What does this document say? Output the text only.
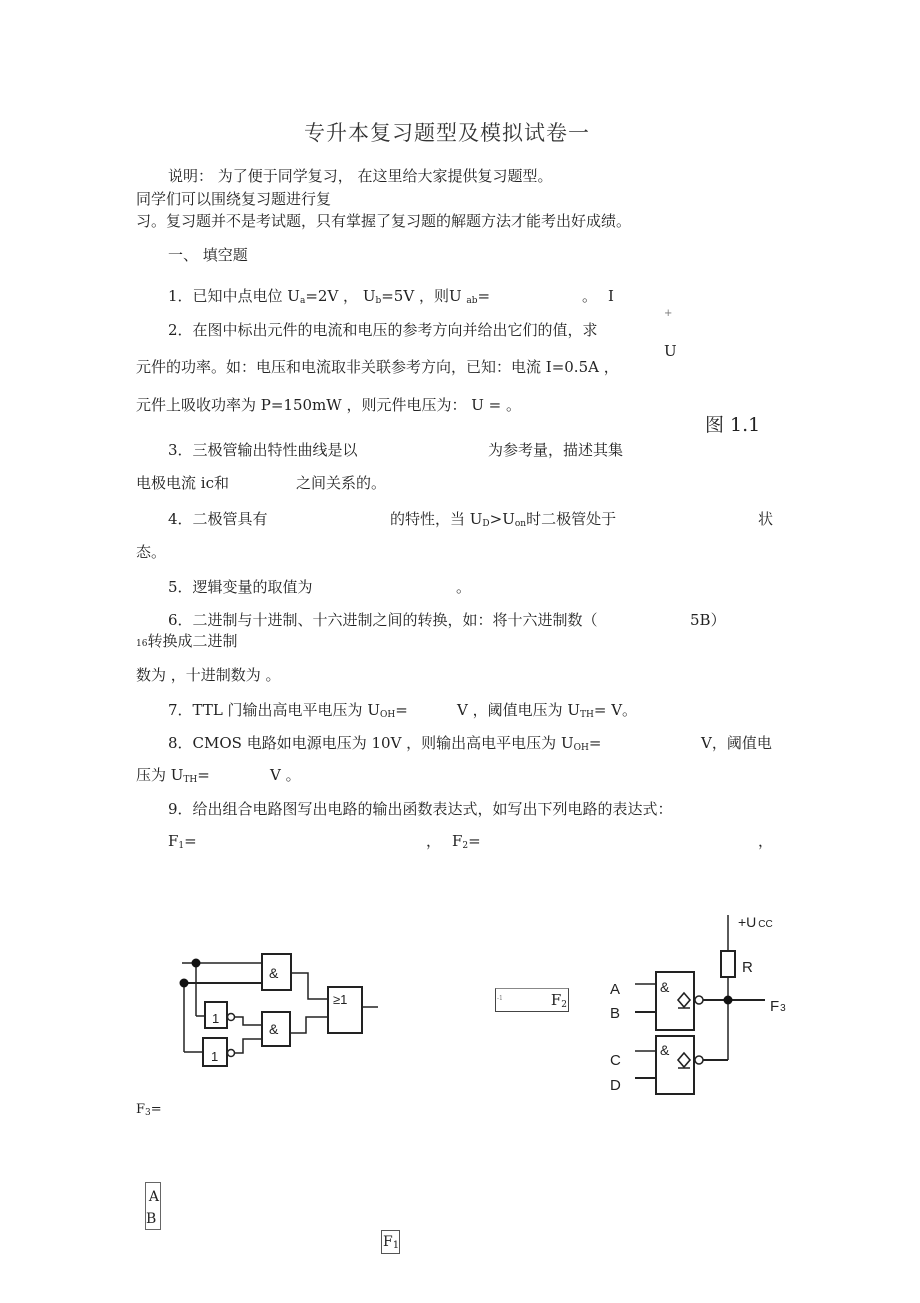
专升本复习题型及模拟试卷一
说明： 为了便于同学复习， 在这里给大家提供复习题型。
同学们可以围绕复习题进行复
习。复习题并不是考试题，只有掌握了复习题的解题方法才能考出好成绩。
一、 填空题
1．已知中点电位 Ua=2V ， Ub=5V ，则U ab=	。 I
+
2．在图中标出元件的电流和电压的参考方向并给出它们的值，求
U
元件的功率。如：电压和电流取非关联参考方向，已知：电流 I=0.5A ，
元件上吸收功率为 P=150mW ，则元件电压为： U = 。
图 1.1
3．三极管输出特性曲线是以	为参考量，描述其集
电极电流 ic和	之间关系的。
4．二极管具有	的特性，当 UD>Uon时二极管处于	状
态。
5．逻辑变量的取值为	。
6．二进制与十进制、十六进制之间的转换，如：将十六进制数（	5B）
16转换成二进制
数为 ，十进制数为 。
7．TTL 门输出高电平电压为 UOH=	V ，阈值电压为 UTH= V。
8．CMOS 电路如电源电压为 10V ，则输出高电平电压为 UOH=	V，阈值电
压为 UTH=	V 。
9．给出组合电路图写出电路的输出函数表达式，如写出下列电路的表达式：
F1=	， F2=	，
&
1
1
&
≥1	-1	F2
+U CC
R
A
B
C
D
&
&
F3
F3=
A
B
F1
